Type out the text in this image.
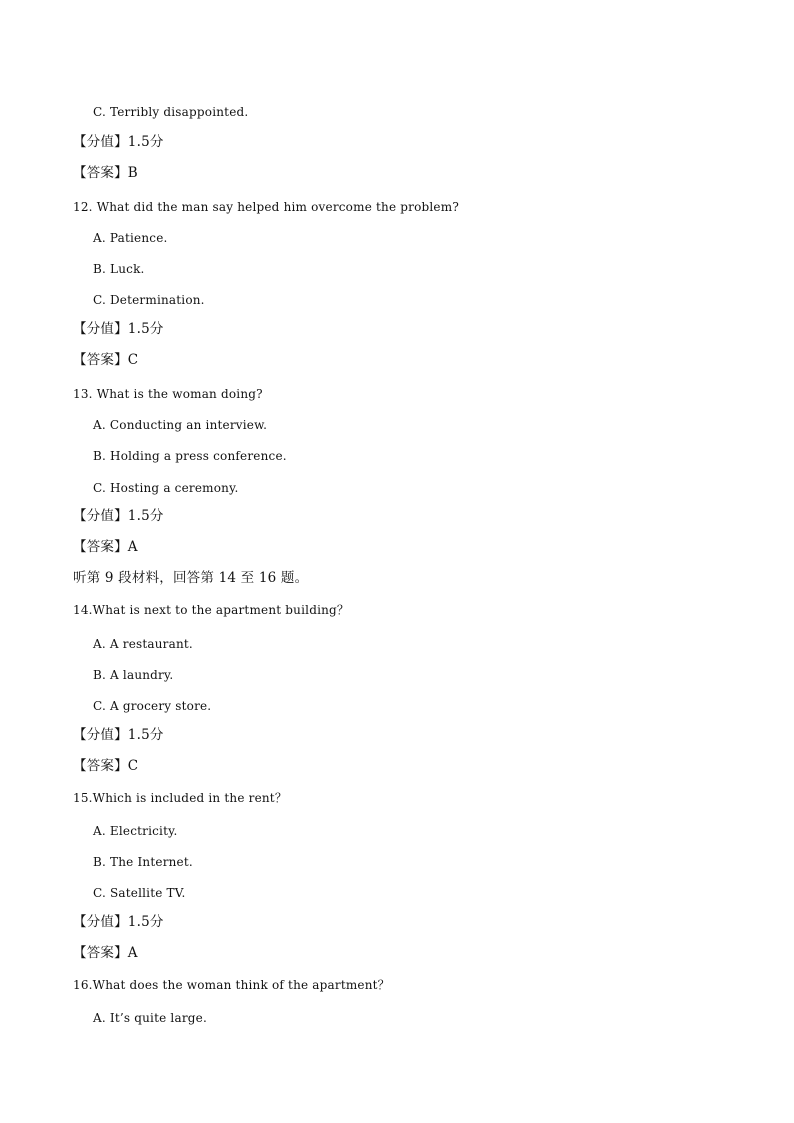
C. Terribly disappointed.
【分值】1.5分
【答案】B
12. What did the man say helped him overcome the problem?
A. Patience.
B. Luck.
C. Determination.
【分值】1.5分
【答案】C
13. What is the woman doing?
A. Conducting an interview.
B. Holding a press conference.
C. Hosting a ceremony.
【分值】1.5分
【答案】A
听第 9 段材料，回答第 14 至 16 题。
14.What is next to the apartment building？
A. A restaurant.
B. A laundry.
C. A grocery store.
【分值】1.5分
【答案】C
15.Which is included in the rent？
A. Electricity.
B. The Internet.
C. Satellite TV.
【分值】1.5分
【答案】A
16.What does the woman think of the apartment？
A. It’s quite large.
